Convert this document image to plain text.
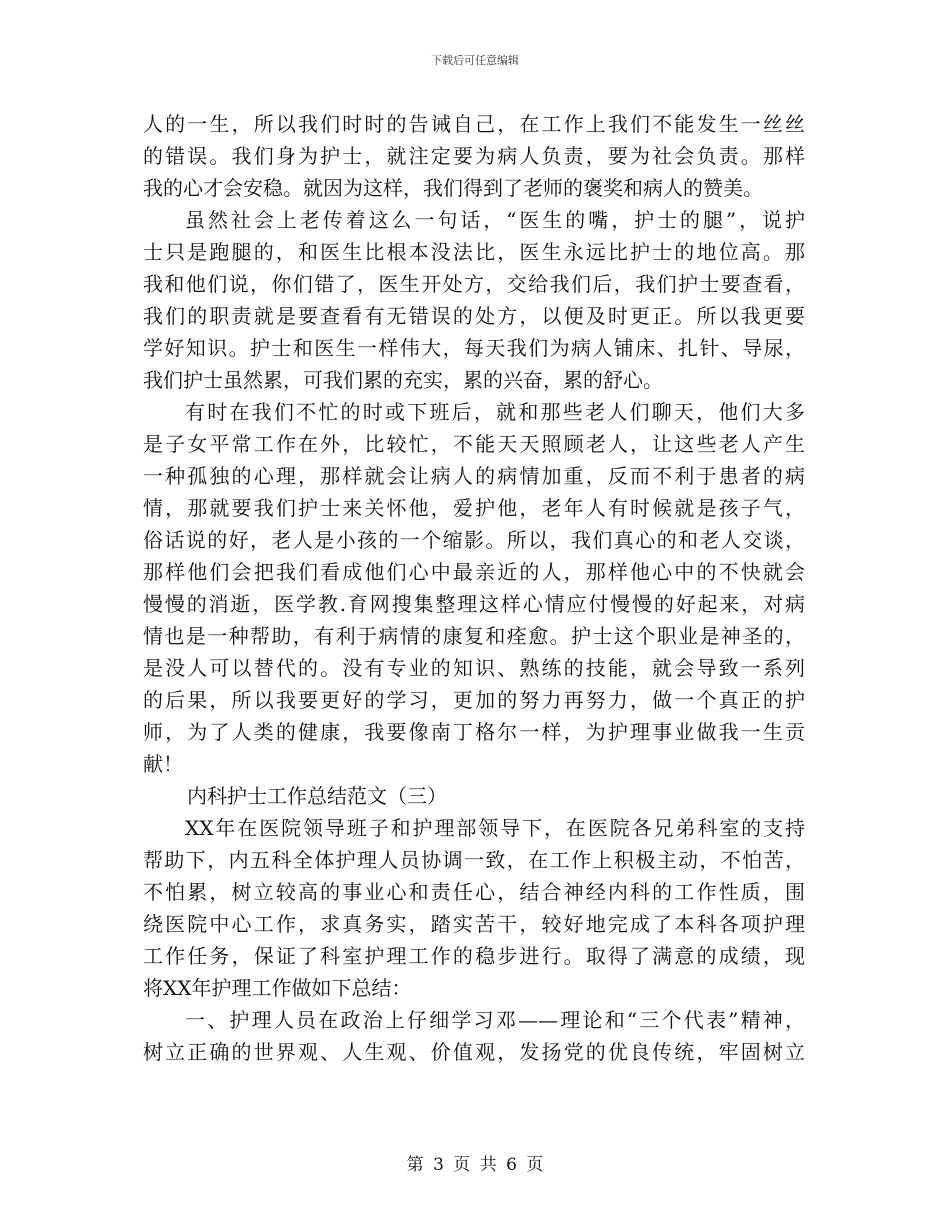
下载后可任意编辑
人的一生，所以我们时时的告诫自己，在工作上我们不能发生一丝丝
的错误。我们身为护士，就注定要为病人负责，要为社会负责。那样
我的心才会安稳。就因为这样，我们得到了老师的褒奖和病人的赞美。
虽然社会上老传着这么一句话，“医生的嘴，护士的腿”，说护
士只是跑腿的，和医生比根本没法比，医生永远比护士的地位高。那
我和他们说，你们错了，医生开处方，交给我们后，我们护士要查看，
我们的职责就是要查看有无错误的处方，以便及时更正。所以我更要
学好知识。护士和医生一样伟大，每天我们为病人铺床、扎针、导尿，
我们护士虽然累，可我们累的充实，累的兴奋，累的舒心。
有时在我们不忙的时或下班后，就和那些老人们聊天，他们大多
是子女平常工作在外，比较忙，不能天天照顾老人，让这些老人产生
一种孤独的心理，那样就会让病人的病情加重，反而不利于患者的病
情，那就要我们护士来关怀他，爱护他，老年人有时候就是孩子气，
俗话说的好，老人是小孩的一个缩影。所以，我们真心的和老人交谈，
那样他们会把我们看成他们心中最亲近的人，那样他心中的不快就会
慢慢的消逝，医学教.育网搜集整理这样心情应付慢慢的好起来，对病
情也是一种帮助，有利于病情的康复和痊愈。护士这个职业是神圣的，
是没人可以替代的。没有专业的知识、熟练的技能，就会导致一系列
的后果，所以我要更好的学习，更加的努力再努力，做一个真正的护
师，为了人类的健康，我要像南丁格尔一样，为护理事业做我一生贡
献！
内科护士工作总结范文（三）
XX年在医院领导班子和护理部领导下，在医院各兄弟科室的支持
帮助下，内五科全体护理人员协调一致，在工作上积极主动，不怕苦，
不怕累，树立较高的事业心和责任心，结合神经内科的工作性质，围
绕医院中心工作，求真务实，踏实苦干，较好地完成了本科各项护理
工作任务，保证了科室护理工作的稳步进行。取得了满意的成绩，现
将XX年护理工作做如下总结：
一、护理人员在政治上仔细学习邓——理论和“三个代表”精神，
树立正确的世界观、人生观、价值观，发扬党的优良传统，牢固树立
第 3 页 共 6 页
